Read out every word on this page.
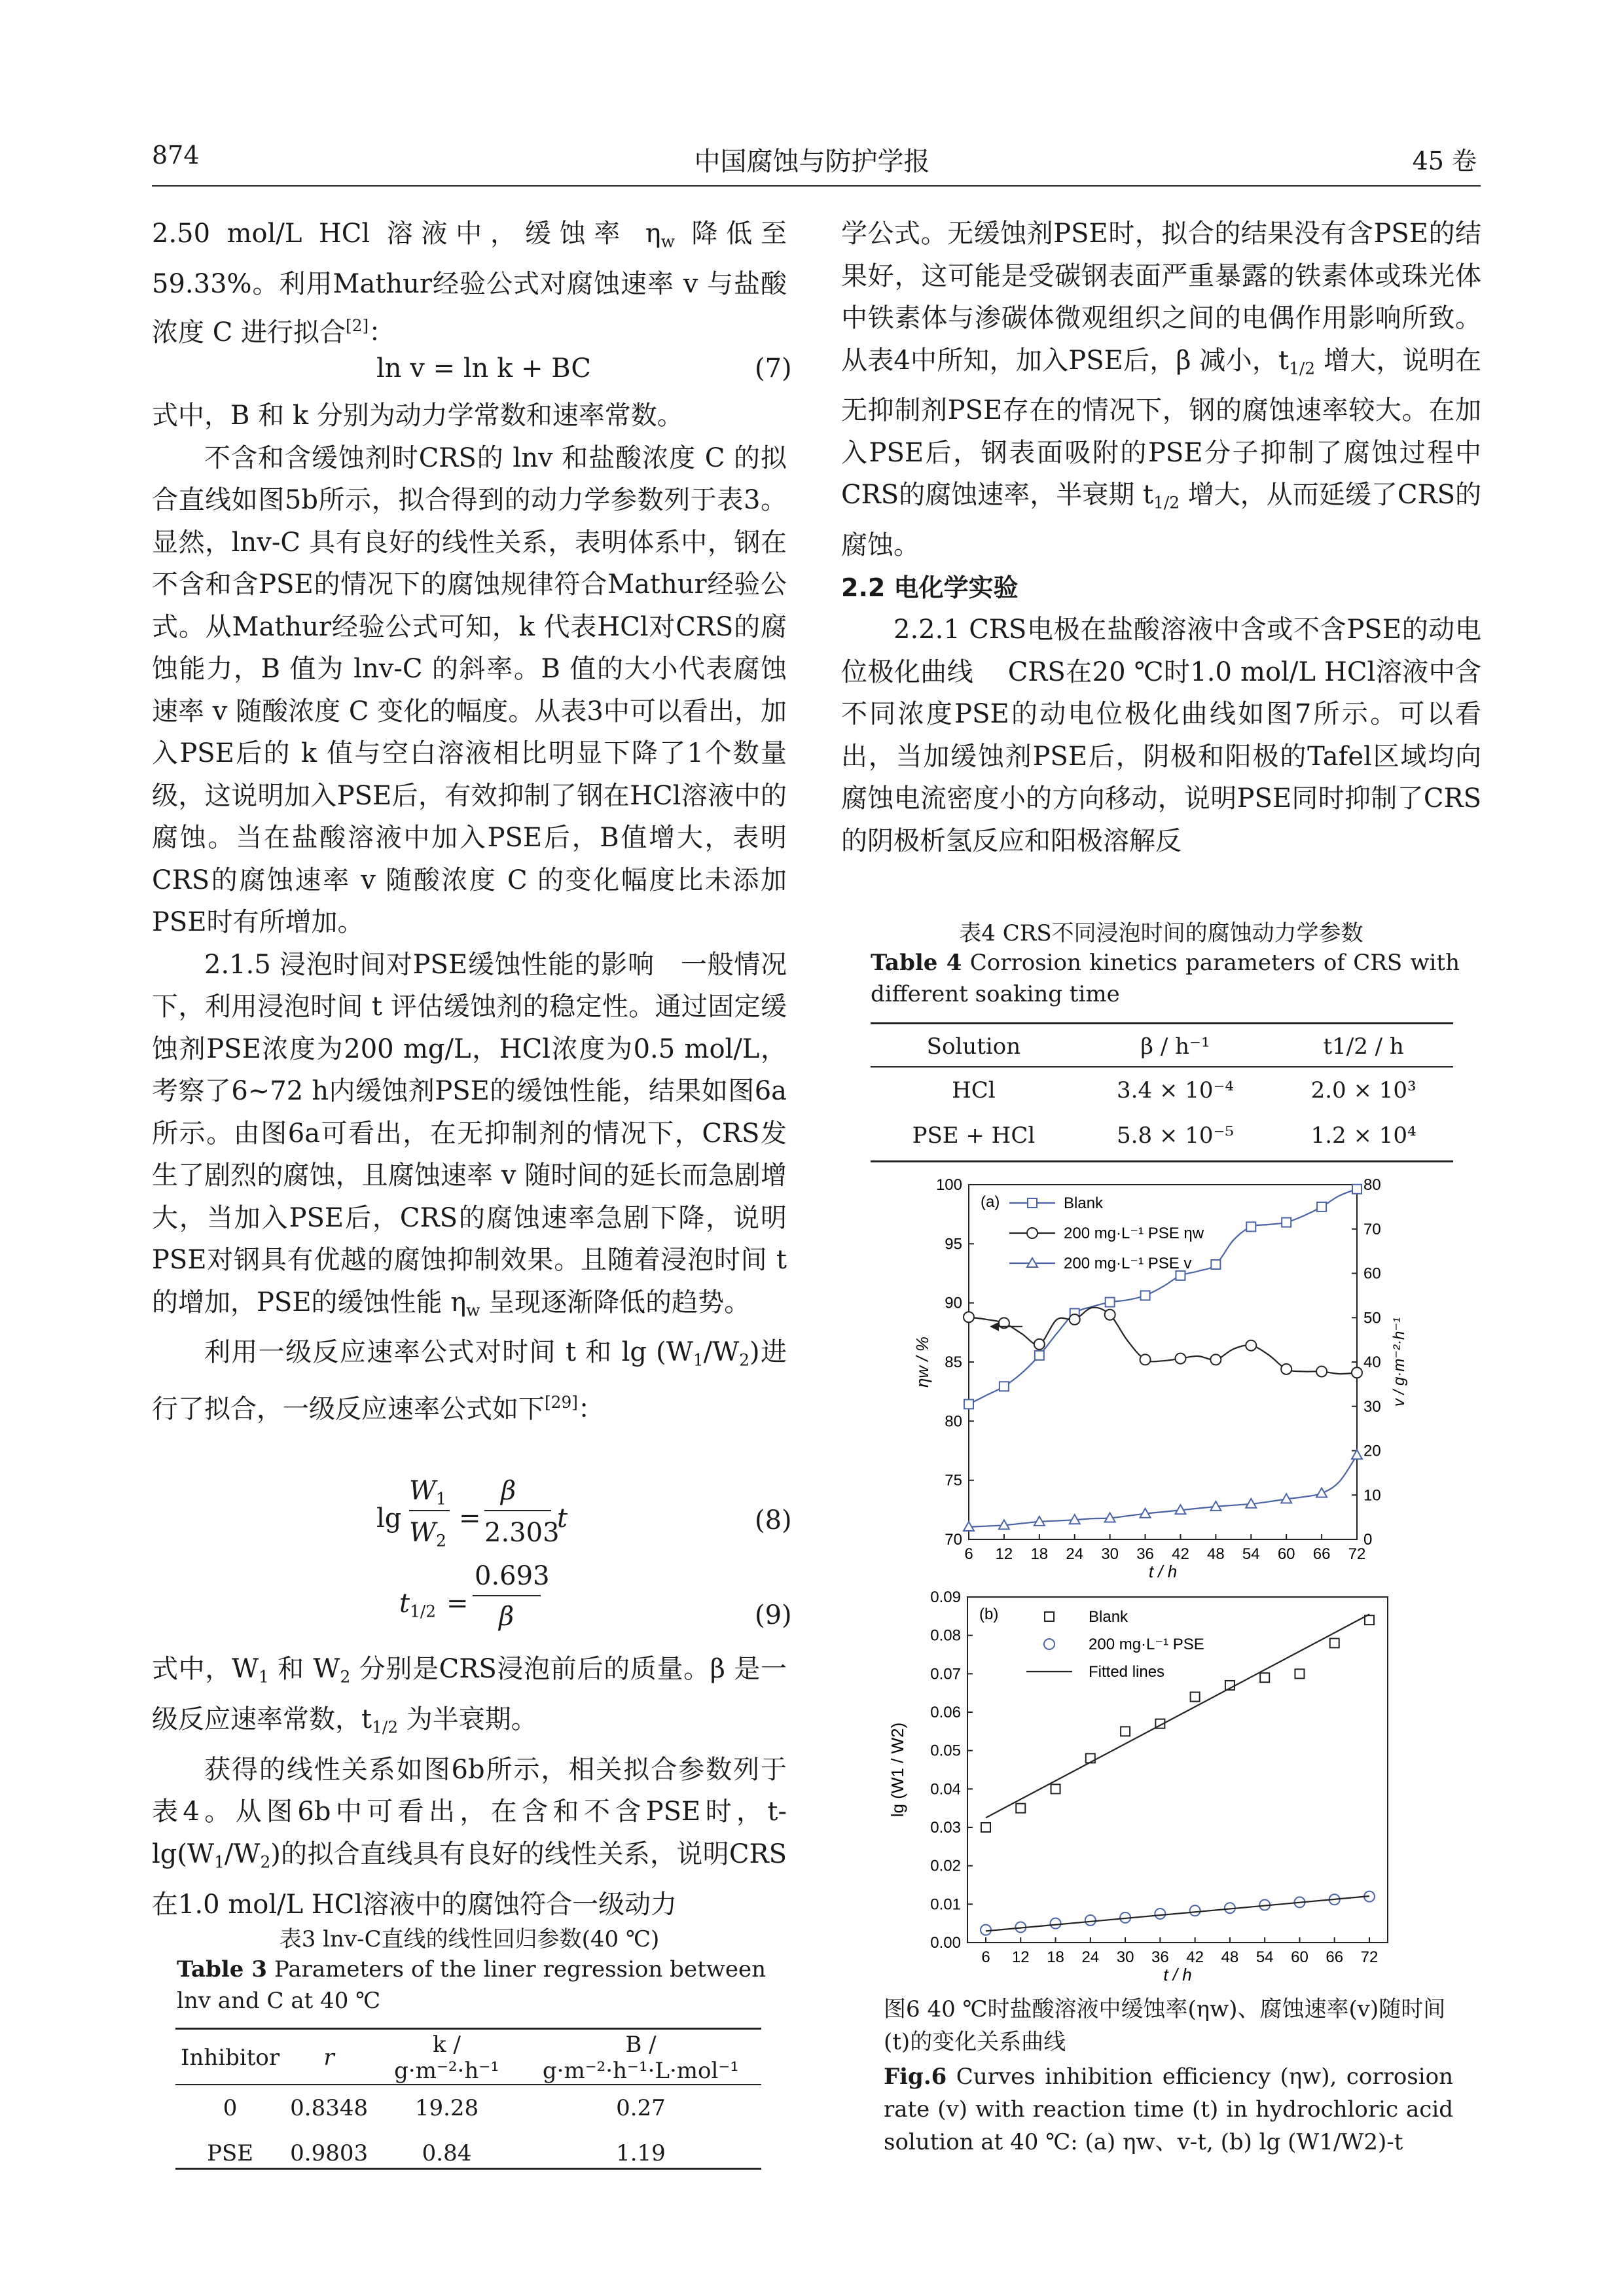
874	中国腐蚀与防护学报	45 卷

2.50 mol/L HCl 溶液中，缓蚀率 $\eta_w$ 降低至 59.33%。利用Mathur经验公式对腐蚀速率 v 与盐酸浓度 C 进行拟合[2]：

ln v = ln k + BC	(7)

式中，B 和 k 分别为动力学常数和速率常数。

不含和含缓蚀剂时CRS的 lnv 和盐酸浓度 C 的拟合直线如图5b所示，拟合得到的动力学参数列于表3。显然，lnv-C 具有良好的线性关系，表明体系中，钢在不含和含PSE的情况下的腐蚀规律符合Mathur经验公式。从Mathur经验公式可知，k 代表HCl对CRS的腐蚀能力，B 值为 lnv-C 的斜率。B 值的大小代表腐蚀速率 v 随酸浓度 C 变化的幅度。从表3中可以看出，加入PSE后的 k 值与空白溶液相比明显下降了1个数量级，这说明加入PSE后，有效抑制了钢在HCl溶液中的腐蚀。当在盐酸溶液中加入PSE后，B值增大，表明CRS的腐蚀速率 v 随酸浓度 C 的变化幅度比未添加PSE时有所增加。

2.1.5 浸泡时间对PSE缓蚀性能的影响 一般情况下，利用浸泡时间 t 评估缓蚀剂的稳定性。通过固定缓蚀剂PSE浓度为200 mg/L，HCl浓度为0.5 mol/L，考察了6~72 h内缓蚀剂PSE的缓蚀性能，结果如图6a所示。由图6a可看出，在无抑制剂的情况下，CRS发生了剧烈的腐蚀，且腐蚀速率 v 随时间的延长而急剧增大，当加入PSE后，CRS的腐蚀速率急剧下降，说明PSE对钢具有优越的腐蚀抑制效果。且随着浸泡时间 t 的增加，PSE的缓蚀性能 $\eta_w$ 呈现逐渐降低的趋势。

利用一级反应速率公式对时间 t 和 $\lg (W_1/W_2)$进行了拟合，一级反应速率公式如下[29]：

lg
$W_1$
$W_2$
=
β
2.303
t	(8)
$t_{1/2}$ =
0.693
β	(9)

式中，$W_1$ 和 $W_2$ 分别是CRS浸泡前后的质量。β 是一级反应速率常数，$t_{1/2}$ 为半衰期。

获得的线性关系如图6b所示，相关拟合参数列于表4。从图6b中可看出，在含和不含PSE时，$t-\lg(W_1/W_2)$的拟合直线具有良好的线性关系，说明CRS在1.0 mol/L HCl溶液中的腐蚀符合一级动力

表3 lnv-C直线的线性回归参数(40 ℃)
Table 3 Parameters of the liner regression between lnv and C at 40 ℃
Inhibitor	r	k / g·m⁻²·h⁻¹	B / g·m⁻²·h⁻¹·L·mol⁻¹
0	0.8348	19.28	0.27
PSE	0.9803	0.84	1.19

学公式。无缓蚀剂PSE时，拟合的结果没有含PSE的结果好，这可能是受碳钢表面严重暴露的铁素体或珠光体中铁素体与渗碳体微观组织之间的电偶作用影响所致。从表4中所知，加入PSE后，β 减小，$t_{1/2}$ 增大，说明在无抑制剂PSE存在的情况下，钢的腐蚀速率较大。在加入PSE后，钢表面吸附的PSE分子抑制了腐蚀过程中CRS的腐蚀速率，半衰期 $t_{1/2}$ 增大，从而延缓了CRS的腐蚀。

2.2 电化学实验

2.2.1 CRS电极在盐酸溶液中含或不含PSE的动电位极化曲线 CRS在20 ℃时1.0 mol/L HCl溶液中含不同浓度PSE的动电位极化曲线如图7所示。可以看出，当加缓蚀剂PSE后，阴极和阳极的Tafel区域均向腐蚀电流密度小的方向移动，说明PSE同时抑制了CRS的阴极析氢反应和阳极溶解反

表4 CRS不同浸泡时间的腐蚀动力学参数
Table 4 Corrosion kinetics parameters of CRS with different soaking time
Solution	β / h⁻¹	t1/2 / h
HCl	3.4 × 10⁻⁴	2.0 × 10³
PSE + HCl	5.8 × 10⁻⁵	1.2 × 10⁴
6 12 18 24 30 36 42 48 54 60 66 72
70
75
80
85
90
95
100
0
10
20
30
40
50
60
70
80
t / h
ηw / %	v / g·m⁻²·h⁻¹
(a)	Blank
200 mg·L⁻¹ PSE ηw
200 mg·L⁻¹ PSE v
6 12 18 24 30 36 42 48 54 60 66 72
0.00
0.01
0.02
0.03
0.04
0.05
0.06
0.07
0.08
0.09
t / h
lg (W1 / W2)
(b)	Blank
200 mg·L⁻¹ PSE
Fitted lines
图6 40 ℃时盐酸溶液中缓蚀率(ηw)、腐蚀速率(v)随时间(t)的变化关系曲线
Fig.6 Curves inhibition efficiency (ηw), corrosion rate (v) with reaction time (t) in hydrochloric acid solution at 40 ℃: (a) ηw、v-t, (b) lg (W1/W2)-t
